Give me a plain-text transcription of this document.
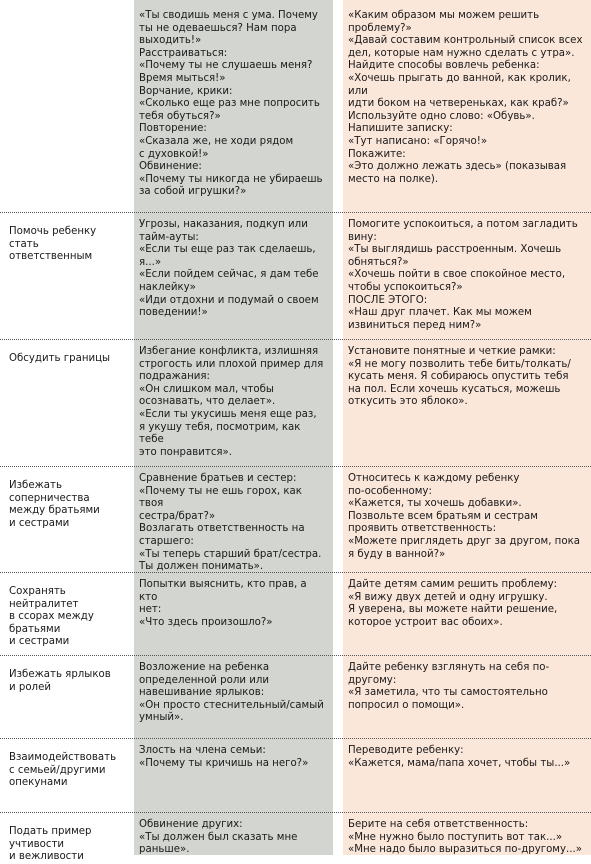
«Ты сводишь меня с ума. Почему
ты не одеваешься? Нам пора
выходить!»
Расстраиваться:
«Почему ты не слушаешь меня?
Время мыться!»
Ворчание, крики:
«Сколько еще раз мне попросить
тебя обуться?»
Повторение:
«Сказала же, не ходи рядом
с духовкой!»
Обвинение:
«Почему ты никогда не убираешь
за собой игрушки?»
«Каким образом мы можем решить
проблему?»
«Давай составим контрольный список всех
дел, которые нам нужно сделать с утра».
Найдите способы вовлечь ребенка:
«Хочешь прыгать до ванной, как кролик, или
идти боком на четвереньках, как краб?»
Используйте одно слово: «Обувь».
Напишите записку:
«Тут написано: «Горячо!»
Покажите:
«Это должно лежать здесь» (показывая
место на полке).
Помочь ребенку
стать ответственным
Угрозы, наказания, подкуп или
тайм-ауты:
«Если ты еще раз так сделаешь,
я...»
«Если пойдем сейчас, я дам тебе
наклейку»
«Иди отдохни и подумай о своем
поведении!»
Помогите успокоиться, а потом загладить
вину:
«Ты выглядишь расстроенным. Хочешь
обняться?»
«Хочешь пойти в свое спокойное место,
чтобы успокоиться?»
ПОСЛЕ ЭТОГО:
«Наш друг плачет. Как мы можем
извиниться перед ним?»
Обсудить границы
Избегание конфликта, излишняя
строгость или плохой пример для
подражания:
«Он слишком мал, чтобы
осознавать, что делает».
«Если ты укусишь меня еще раз,
я укушу тебя, посмотрим, как тебе
это понравится».
Установите понятные и четкие рамки:
«Я не могу позволить тебе бить/толкать/
кусать меня. Я собираюсь опустить тебя
на пол. Если хочешь кусаться, можешь
откусить это яблоко».
Избежать
соперничества
между братьями
и сестрами
Сравнение братьев и сестер:
«Почему ты не ешь горох, как твоя
сестра/брат?»
Возлагать ответственность на
старшего:
«Ты теперь старший брат/сестра.
Ты должен понимать».
Относитесь к каждому ребенку
по-особенному:
«Кажется, ты хочешь добавки».
Позвольте всем братьям и сестрам
проявить ответственность:
«Можете приглядеть друг за другом, пока
я буду в ванной?»
Сохранять
нейтралитет
в ссорах между
братьями
и сестрами
Попытки выяснить, кто прав, а кто
нет:
«Что здесь произошло?»
Дайте детям самим решить проблему:
«Я вижу двух детей и одну игрушку.
Я уверена, вы можете найти решение,
которое устроит вас обоих».
Избежать ярлыков
и ролей
Возложение на ребенка
определенной роли или
навешивание ярлыков:
«Он просто стеснительный/самый
умный».
Дайте ребенку взглянуть на себя по-
другому:
«Я заметила, что ты самостоятельно
попросил о помощи».
Взаимодействовать
с семьей/другими
опекунами
Злость на члена семьи:
«Почему ты кричишь на него?»
Переводите ребенку:
«Кажется, мама/папа хочет, чтобы ты...»
Подать пример
учтивости
и вежливости
Обвинение других:
«Ты должен был сказать мне
раньше».
Берите на себя ответственность:
«Мне нужно было поступить вот так...»
«Мне надо было выразиться по-другому...»
